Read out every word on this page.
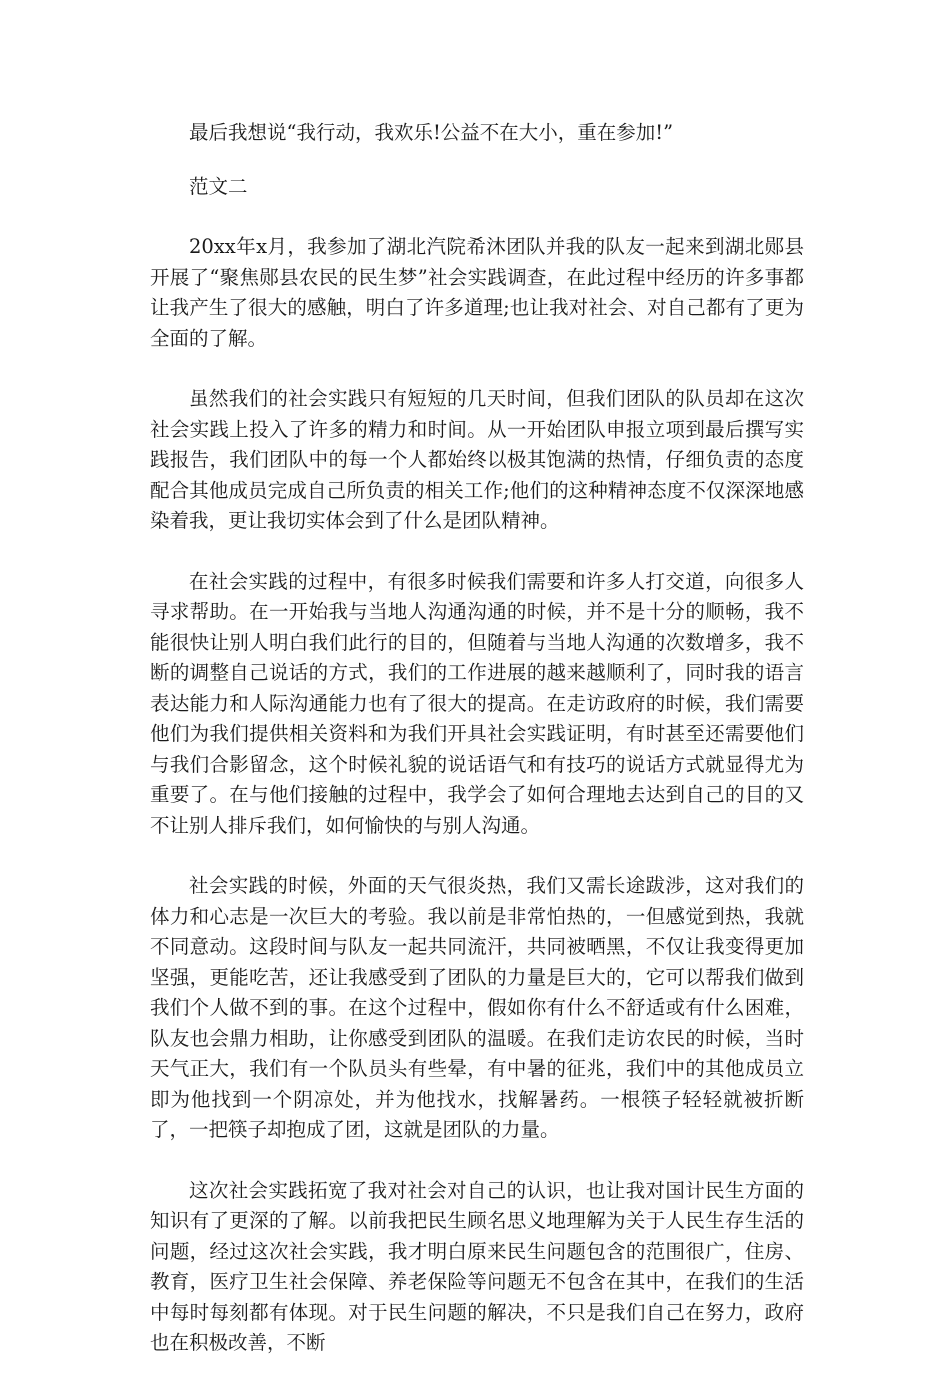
最后我想说“我行动，我欢乐!公益不在大小，重在参加!”

范文二

20xx年x月，我参加了湖北汽院希沐团队并我的队友一起来到湖北郧县开展了“聚焦郧县农民的民生梦”社会实践调查，在此过程中经历的许多事都让我产生了很大的感触，明白了许多道理;也让我对社会、对自己都有了更为全面的了解。

虽然我们的社会实践只有短短的几天时间，但我们团队的队员却在这次社会实践上投入了许多的精力和时间。从一开始团队申报立项到最后撰写实践报告，我们团队中的每一个人都始终以极其饱满的热情，仔细负责的态度配合其他成员完成自己所负责的相关工作;他们的这种精神态度不仅深深地感染着我，更让我切实体会到了什么是团队精神。

在社会实践的过程中，有很多时候我们需要和许多人打交道，向很多人寻求帮助。在一开始我与当地人沟通沟通的时候，并不是十分的顺畅，我不能很快让别人明白我们此行的目的，但随着与当地人沟通的次数增多，我不断的调整自己说话的方式，我们的工作进展的越来越顺利了，同时我的语言表达能力和人际沟通能力也有了很大的提高。在走访政府的时候，我们需要他们为我们提供相关资料和为我们开具社会实践证明，有时甚至还需要他们与我们合影留念，这个时候礼貌的说话语气和有技巧的说话方式就显得尤为重要了。在与他们接触的过程中，我学会了如何合理地去达到自己的目的又不让别人排斥我们，如何愉快的与别人沟通。

社会实践的时候，外面的天气很炎热，我们又需长途跋涉，这对我们的体力和心志是一次巨大的考验。我以前是非常怕热的，一但感觉到热，我就不同意动。这段时间与队友一起共同流汗，共同被晒黑，不仅让我变得更加坚强，更能吃苦，还让我感受到了团队的力量是巨大的，它可以帮我们做到我们个人做不到的事。在这个过程中，假如你有什么不舒适或有什么困难，队友也会鼎力相助，让你感受到团队的温暖。在我们走访农民的时候，当时天气正大，我们有一个队员头有些晕，有中暑的征兆，我们中的其他成员立即为他找到一个阴凉处，并为他找水，找解暑药。一根筷子轻轻就被折断了，一把筷子却抱成了团，这就是团队的力量。

这次社会实践拓宽了我对社会对自己的认识，也让我对国计民生方面的知识有了更深的了解。以前我把民生顾名思义地理解为关于人民生存生活的问题，经过这次社会实践，我才明白原来民生问题包含的范围很广，住房、教育，医疗卫生社会保障、养老保险等问题无不包含在其中，在我们的生活中每时每刻都有体现。对于民生问题的解决，不只是我们自己在努力，政府也在积极改善，不断
